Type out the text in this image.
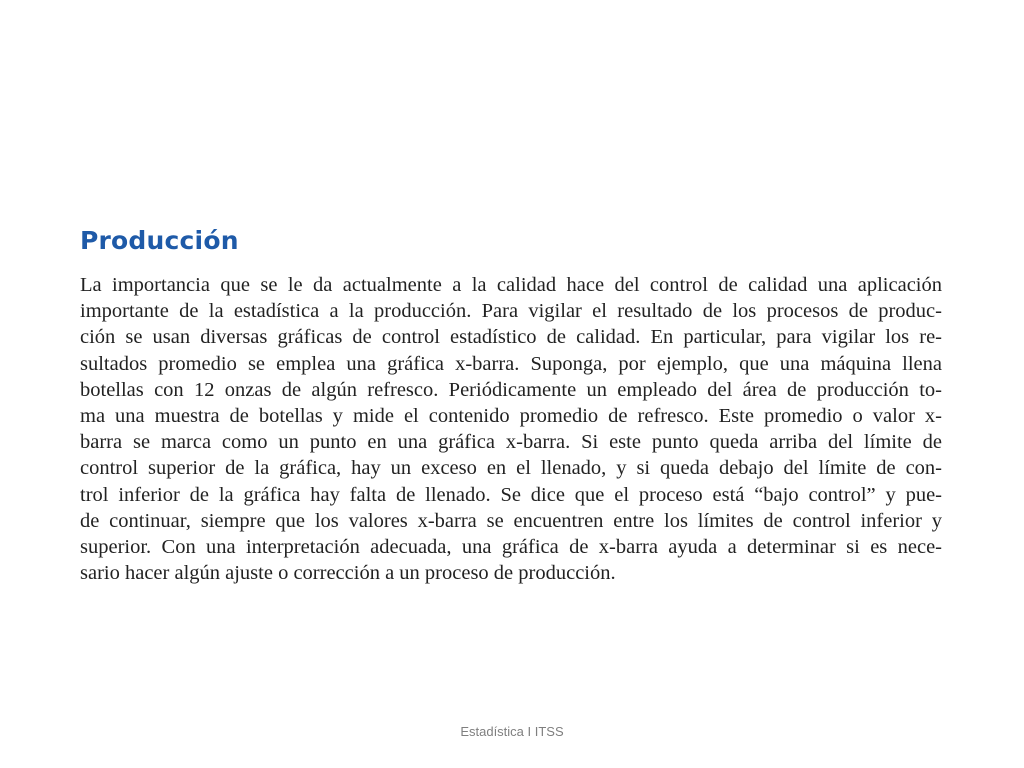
Producción
La importancia que se le da actualmente a la calidad hace del control de calidad una aplicación
importante de la estadística a la producción. Para vigilar el resultado de los procesos de produc-
ción se usan diversas gráficas de control estadístico de calidad. En particular, para vigilar los re-
sultados promedio se emplea una gráfica x-barra. Suponga, por ejemplo, que una máquina llena
botellas con 12 onzas de algún refresco. Periódicamente un empleado del área de producción to-
ma una muestra de botellas y mide el contenido promedio de refresco. Este promedio o valor x-
barra se marca como un punto en una gráfica x-barra. Si este punto queda arriba del límite de
control superior de la gráfica, hay un exceso en el llenado, y si queda debajo del límite de con-
trol inferior de la gráfica hay falta de llenado. Se dice que el proceso está “bajo control” y pue-
de continuar, siempre que los valores x-barra se encuentren entre los límites de control inferior y
superior. Con una interpretación adecuada, una gráfica de x-barra ayuda a determinar si es nece-
sario hacer algún ajuste o corrección a un proceso de producción.
Estadística I ITSS
